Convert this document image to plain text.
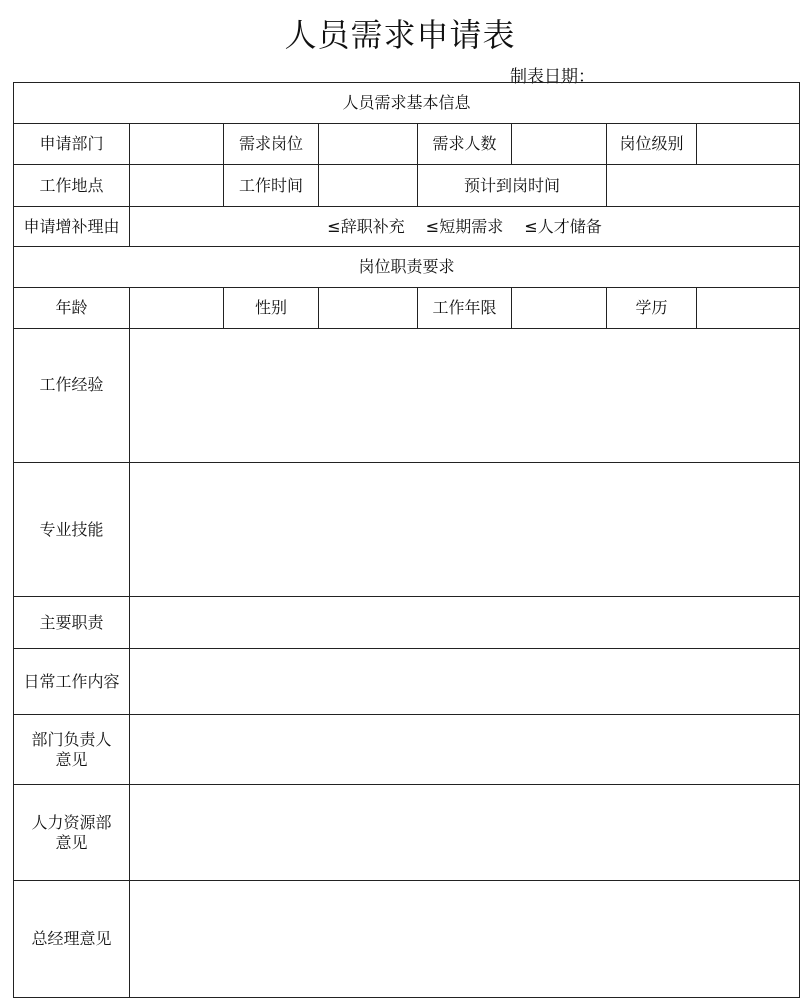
人员需求申请表
制表日期：
人员需求基本信息							
申请部门		需求岗位		需求人数		岗位级别	
工作地点		工作时间		预计到岗时间			
申请增补理由	≤辞职补充 ≤短期需求 ≤人才储备						
岗位职责要求							
年龄		性别		工作年限		学历	
工作经验							
专业技能							
主要职责							
日常工作内容							
部门负责人意见							
人力资源部意见							
总经理意见							
